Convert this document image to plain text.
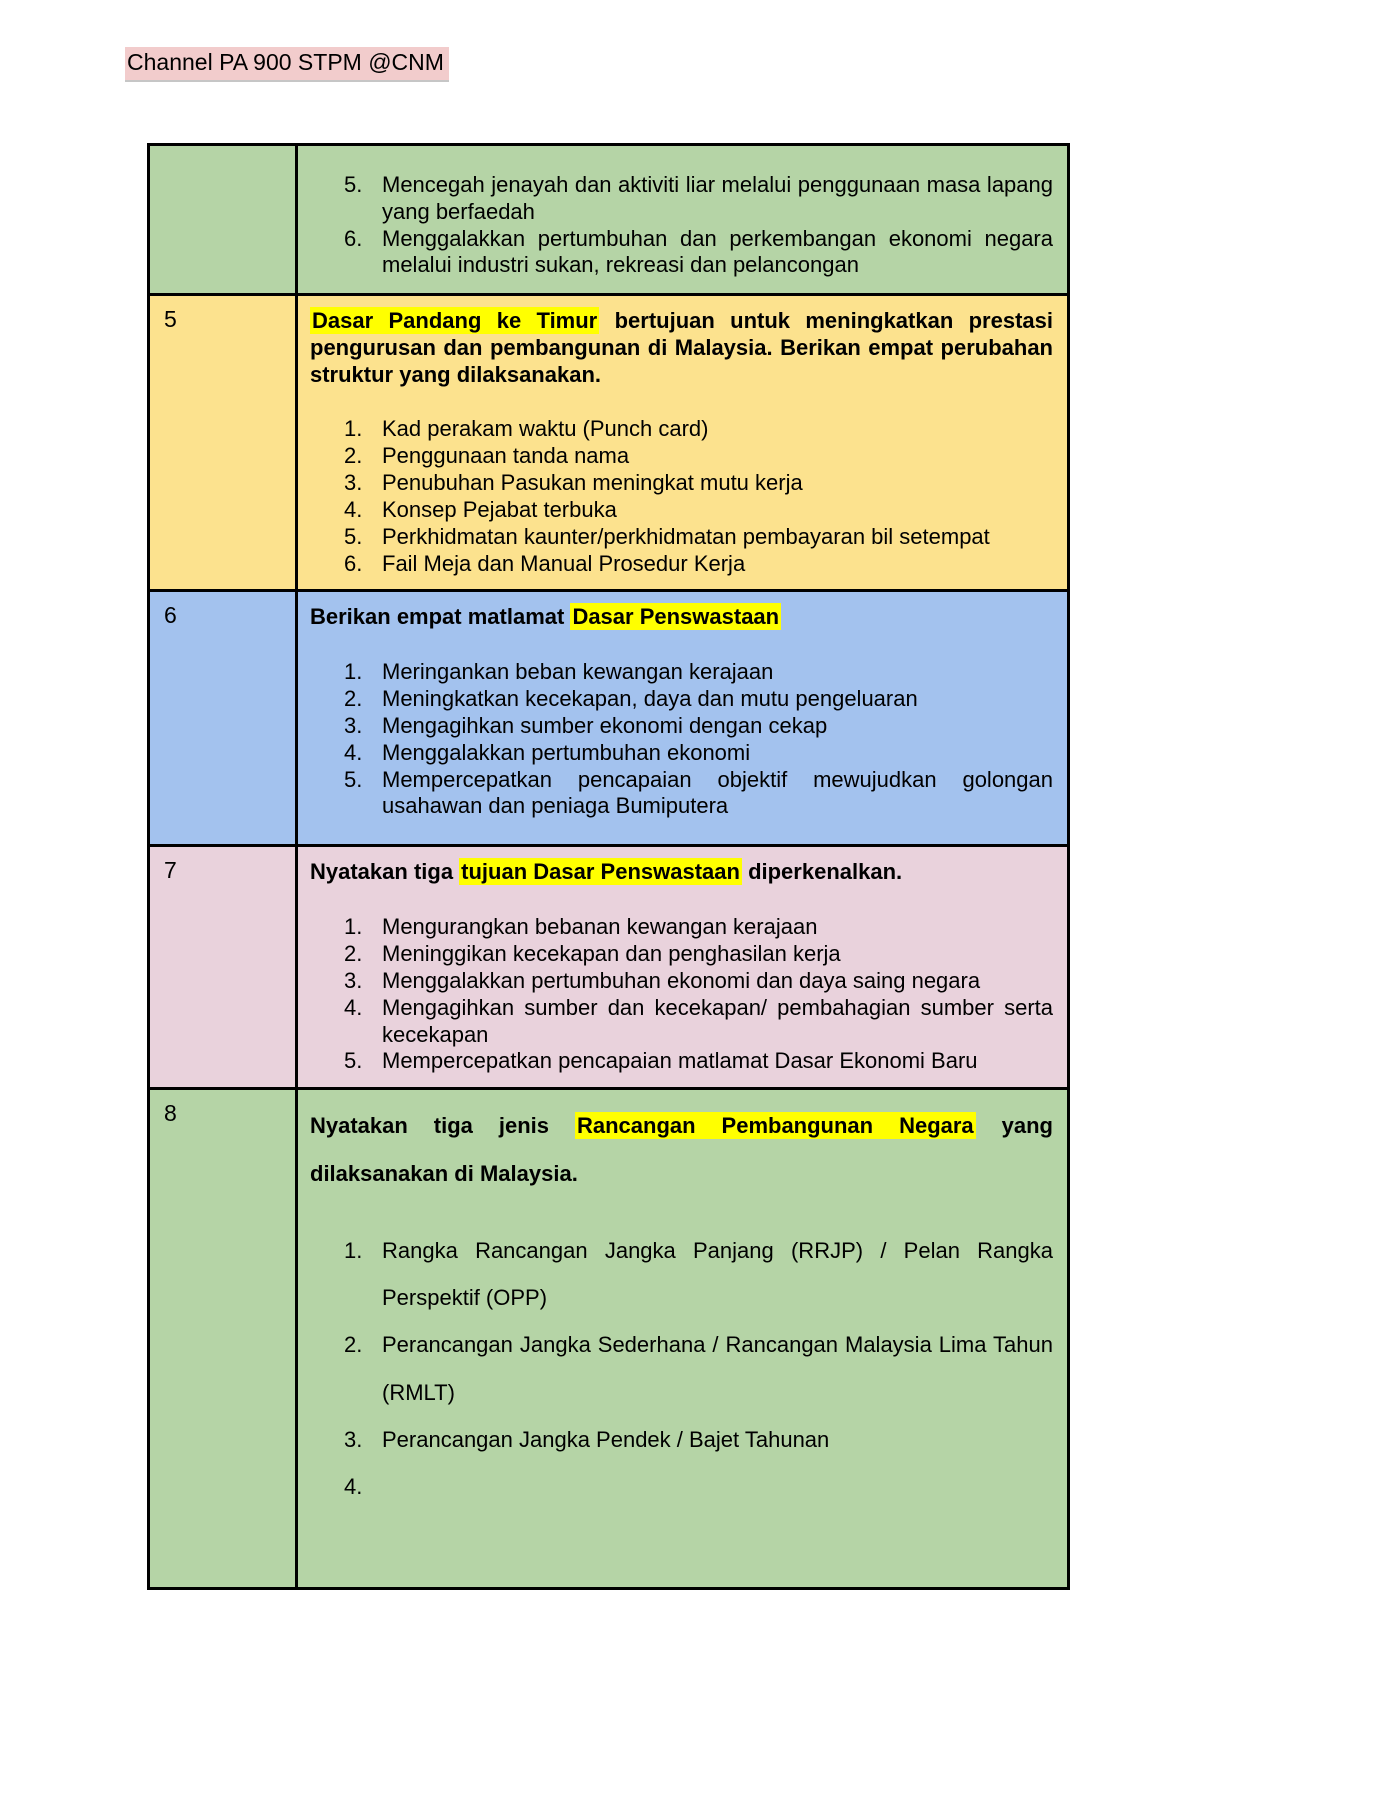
Channel PA 900 STPM @CNM
5. Mencegah jenayah dan aktiviti liar melalui penggunaan masa lapang yang berfaedah
6. Menggalakkan pertumbuhan dan perkembangan ekonomi negara melalui industri sukan, rekreasi dan pelancongan
5	Dasar Pandang ke Timur bertujuan untuk meningkatkan prestasi pengurusan dan pembangunan di Malaysia. Berikan empat perubahan struktur yang dilaksanakan.

1. Kad perakam waktu (Punch card)
2. Penggunaan tanda nama
3. Penubuhan Pasukan meningkat mutu kerja
4. Konsep Pejabat terbuka
5. Perkhidmatan kaunter/perkhidmatan pembayaran bil setempat
6. Fail Meja dan Manual Prosedur Kerja
6	Berikan empat matlamat Dasar Penswastaan

1. Meringankan beban kewangan kerajaan
2. Meningkatkan kecekapan, daya dan mutu pengeluaran
3. Mengagihkan sumber ekonomi dengan cekap
4. Menggalakkan pertumbuhan ekonomi
5. Mempercepatkan pencapaian objektif mewujudkan golongan usahawan dan peniaga Bumiputera
7	Nyatakan tiga tujuan Dasar Penswastaan diperkenalkan.

1. Mengurangkan bebanan kewangan kerajaan
2. Meninggikan kecekapan dan penghasilan kerja
3. Menggalakkan pertumbuhan ekonomi dan daya saing negara
4. Mengagihkan sumber dan kecekapan/ pembahagian sumber serta kecekapan
5. Mempercepatkan pencapaian matlamat Dasar Ekonomi Baru
8	Nyatakan tiga jenis Rancangan Pembangunan Negara yang dilaksanakan di Malaysia.

1. Rangka Rancangan Jangka Panjang (RRJP) / Pelan Rangka Perspektif (OPP)
2. Perancangan Jangka Sederhana / Rancangan Malaysia Lima Tahun (RMLT)
3. Perancangan Jangka Pendek / Bajet Tahunan
4.
